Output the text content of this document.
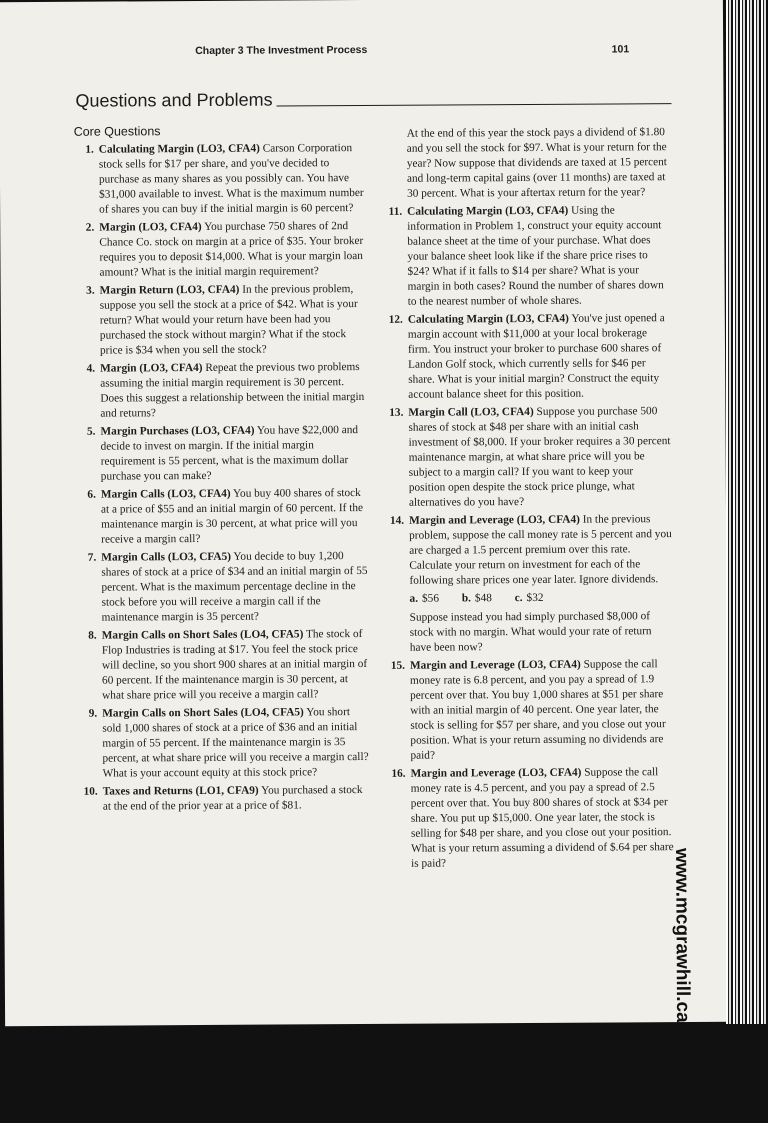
Chapter 3 The Investment Process	101
Questions and Problems
Core Questions
1. Calculating Margin (LO3, CFA4) Carson Corporation stock sells for $17 per share, and you've decided to purchase as many shares as you possibly can. You have $31,000 available to invest. What is the maximum number of shares you can buy if the initial margin is 60 percent?
2. Margin (LO3, CFA4) You purchase 750 shares of 2nd Chance Co. stock on margin at a price of $35. Your broker requires you to deposit $14,000. What is your margin loan amount? What is the initial margin requirement?
3. Margin Return (LO3, CFA4) In the previous problem, suppose you sell the stock at a price of $42. What is your return? What would your return have been had you purchased the stock without margin? What if the stock price is $34 when you sell the stock?
4. Margin (LO3, CFA4) Repeat the previous two problems assuming the initial margin requirement is 30 percent. Does this suggest a relationship between the initial margin and returns?
5. Margin Purchases (LO3, CFA4) You have $22,000 and decide to invest on margin. If the initial margin requirement is 55 percent, what is the maximum dollar purchase you can make?
6. Margin Calls (LO3, CFA4) You buy 400 shares of stock at a price of $55 and an initial margin of 60 percent. If the maintenance margin is 30 percent, at what price will you receive a margin call?
7. Margin Calls (LO3, CFA5) You decide to buy 1,200 shares of stock at a price of $34 and an initial margin of 55 percent. What is the maximum percentage decline in the stock before you will receive a margin call if the maintenance margin is 35 percent?
8. Margin Calls on Short Sales (LO4, CFA5) The stock of Flop Industries is trading at $17. You feel the stock price will decline, so you short 900 shares at an initial margin of 60 percent. If the maintenance margin is 30 percent, at what share price will you receive a margin call?
9. Margin Calls on Short Sales (LO4, CFA5) You short sold 1,000 shares of stock at a price of $36 and an initial margin of 55 percent. If the maintenance margin is 35 percent, at what share price will you receive a margin call? What is your account equity at this stock price?
10. Taxes and Returns (LO1, CFA9) You purchased a stock at the end of the prior year at a price of $81.
At the end of this year the stock pays a dividend of $1.80 and you sell the stock for $97. What is your return for the year? Now suppose that dividends are taxed at 15 percent and long-term capital gains (over 11 months) are taxed at 30 percent. What is your aftertax return for the year?
11. Calculating Margin (LO3, CFA4) Using the information in Problem 1, construct your equity account balance sheet at the time of your purchase. What does your balance sheet look like if the share price rises to $24? What if it falls to $14 per share? What is your margin in both cases? Round the number of shares down to the nearest number of whole shares.
12. Calculating Margin (LO3, CFA4) You've just opened a margin account with $11,000 at your local brokerage firm. You instruct your broker to purchase 600 shares of Landon Golf stock, which currently sells for $46 per share. What is your initial margin? Construct the equity account balance sheet for this position.
13. Margin Call (LO3, CFA4) Suppose you purchase 500 shares of stock at $48 per share with an initial cash investment of $8,000. If your broker requires a 30 percent maintenance margin, at what share price will you be subject to a margin call? If you want to keep your position open despite the stock price plunge, what alternatives do you have?
14. Margin and Leverage (LO3, CFA4) In the previous problem, suppose the call money rate is 5 percent and you are charged a 1.5 percent premium over this rate. Calculate your return on investment for each of the following share prices one year later. Ignore dividends.
a. $56 b. $48 c. $32
Suppose instead you had simply purchased $8,000 of stock with no margin. What would your rate of return have been now?
15. Margin and Leverage (LO3, CFA4) Suppose the call money rate is 6.8 percent, and you pay a spread of 1.9 percent over that. You buy 1,000 shares at $51 per share with an initial margin of 40 percent. One year later, the stock is selling for $57 per share, and you close out your position. What is your return assuming no dividends are paid?
16. Margin and Leverage (LO3, CFA4) Suppose the call money rate is 4.5 percent, and you pay a spread of 2.5 percent over that. You buy 800 shares of stock at $34 per share. You put up $15,000. One year later, the stock is selling for $48 per share, and you close out your position. What is your return assuming a dividend of $.64 per share is paid?	www.mcgrawhill.ca/olc/jordan
